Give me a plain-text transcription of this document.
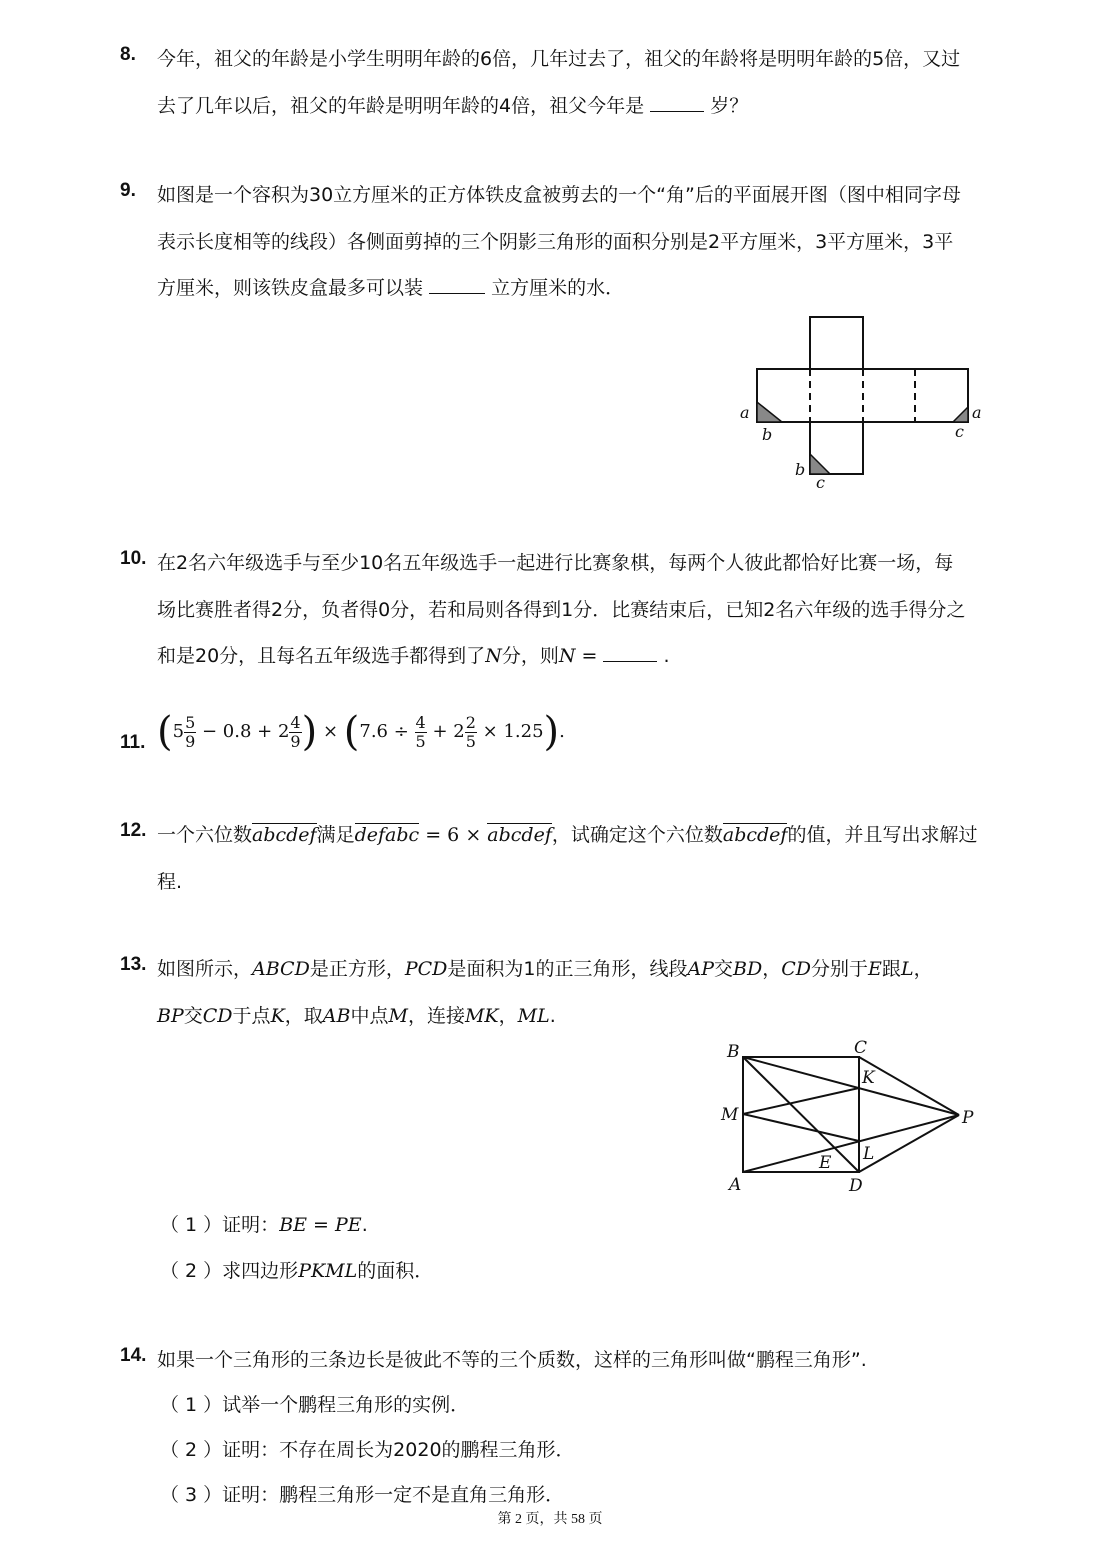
8. 今年，祖父的年龄是小学生明明年龄的6倍，几年过去了，祖父的年龄将是明明年龄的5倍，又过
去了几年以后，祖父的年龄是明明年龄的4倍，祖父今年是	岁？
9. 如图是一个容积为30立方厘米的正方体铁皮盒被剪去的一个“角”后的平面展开图（图中相同字母
表示长度相等的线段）各侧面剪掉的三个阴影三角形的面积分别是2平方厘米，3平方厘米，3平
方厘米，则该铁皮盒最多可以装	立方厘米的水．
a
b
a
c
b
c
10. 在2名六年级选手与至少10名五年级选手一起进行比赛象棋，每两个人彼此都恰好比赛一场，每
场比赛胜者得2分，负者得0分，若和局则各得到1分．比赛结束后，已知2名六年级的选手得分之
和是20分，且每名五年级选手都得到了N分，则N =	.
11. ($5 \frac{5}{9} - 0.8 + 2 \frac{4}{9}$ ) × $(7.6 \div \frac{4}{5} + 2 \frac{2}{5} \times 1.25)$.
12. 一个六位数abcdef满足defabc = 6 × abcdef，试确定这个六位数abcdef的值，并且写出求解过
程.
13. 如图所示，ABCD是正方形，PCD是面积为1的正三角形，线段AP交BD，CD分别于E跟L，
BP交CD于点K，取AB中点M，连接MK，ML.
（ 1 ）证明：BE = PE.
（ 2 ）求四边形PKML的面积．
B	C
K
M	P
E L
A	D
14. 如果一个三角形的三条边长是彼此不等的三个质数，这样的三角形叫做“鹏程三角形”.
（ 1 ）试举一个鹏程三角形的实例．
（ 2 ）证明：不存在周长为2020的鹏程三角形．
（ 3 ）证明：鹏程三角形一定不是直角三角形．
第 2 页，共 58 页
